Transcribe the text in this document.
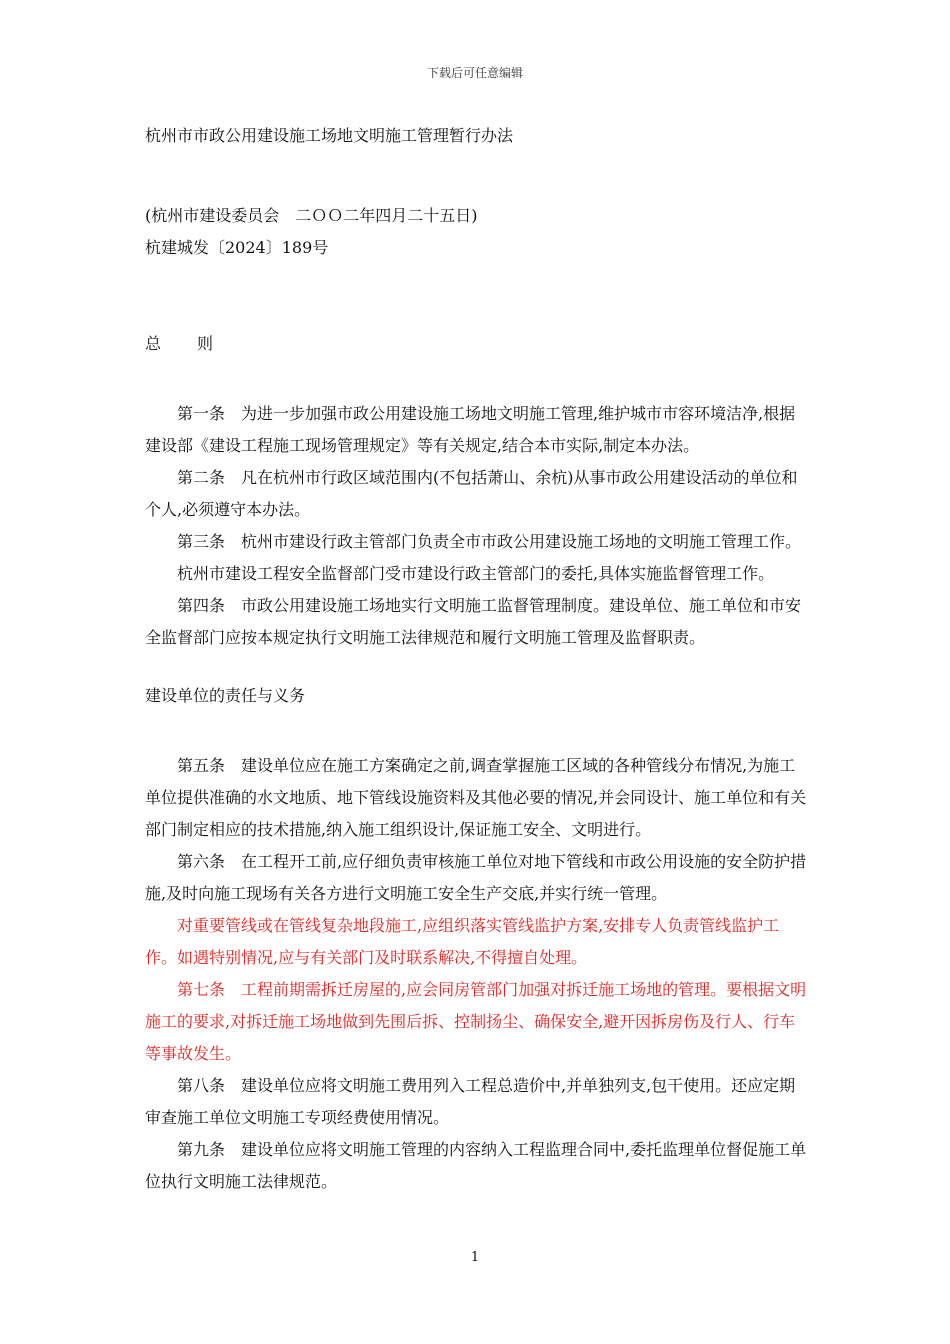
下载后可任意编辑

杭州市市政公用建设施工场地文明施工管理暂行办法

(杭州市建设委员会　二ＯＯ二年四月二十五日)

杭建城发〔2024〕189号

总 则

第一条　为进一步加强市政公用建设施工场地文明施工管理,维护城市市容环境洁净,根据建设部《建设工程施工现场管理规定》等有关规定,结合本市实际,制定本办法。

第二条　凡在杭州市行政区域范围内(不包括萧山、余杭)从事市政公用建设活动的单位和个人,必须遵守本办法。

第三条　杭州市建设行政主管部门负责全市市政公用建设施工场地的文明施工管理工作。

杭州市建设工程安全监督部门受市建设行政主管部门的委托,具体实施监督管理工作。

第四条　市政公用建设施工场地实行文明施工监督管理制度。建设单位、施工单位和市安全监督部门应按本规定执行文明施工法律规范和履行文明施工管理及监督职责。

建设单位的责任与义务

第五条　建设单位应在施工方案确定之前,调查掌握施工区域的各种管线分布情况,为施工单位提供准确的水文地质、地下管线设施资料及其他必要的情况,并会同设计、施工单位和有关部门制定相应的技术措施,纳入施工组织设计,保证施工安全、文明进行。

第六条　在工程开工前,应仔细负责审核施工单位对地下管线和市政公用设施的安全防护措施,及时向施工现场有关各方进行文明施工安全生产交底,并实行统一管理。

对重要管线或在管线复杂地段施工,应组织落实管线监护方案,安排专人负责管线监护工作。如遇特别情况,应与有关部门及时联系解决,不得擅自处理。

第七条　工程前期需拆迁房屋的,应会同房管部门加强对拆迁施工场地的管理。要根据文明施工的要求,对拆迁施工场地做到先围后拆、控制扬尘、确保安全,避开因拆房伤及行人、行车等事故发生。

第八条　建设单位应将文明施工费用列入工程总造价中,并单独列支,包干使用。还应定期审查施工单位文明施工专项经费使用情况。

第九条　建设单位应将文明施工管理的内容纳入工程监理合同中,委托监理单位督促施工单位执行文明施工法律规范。

1
